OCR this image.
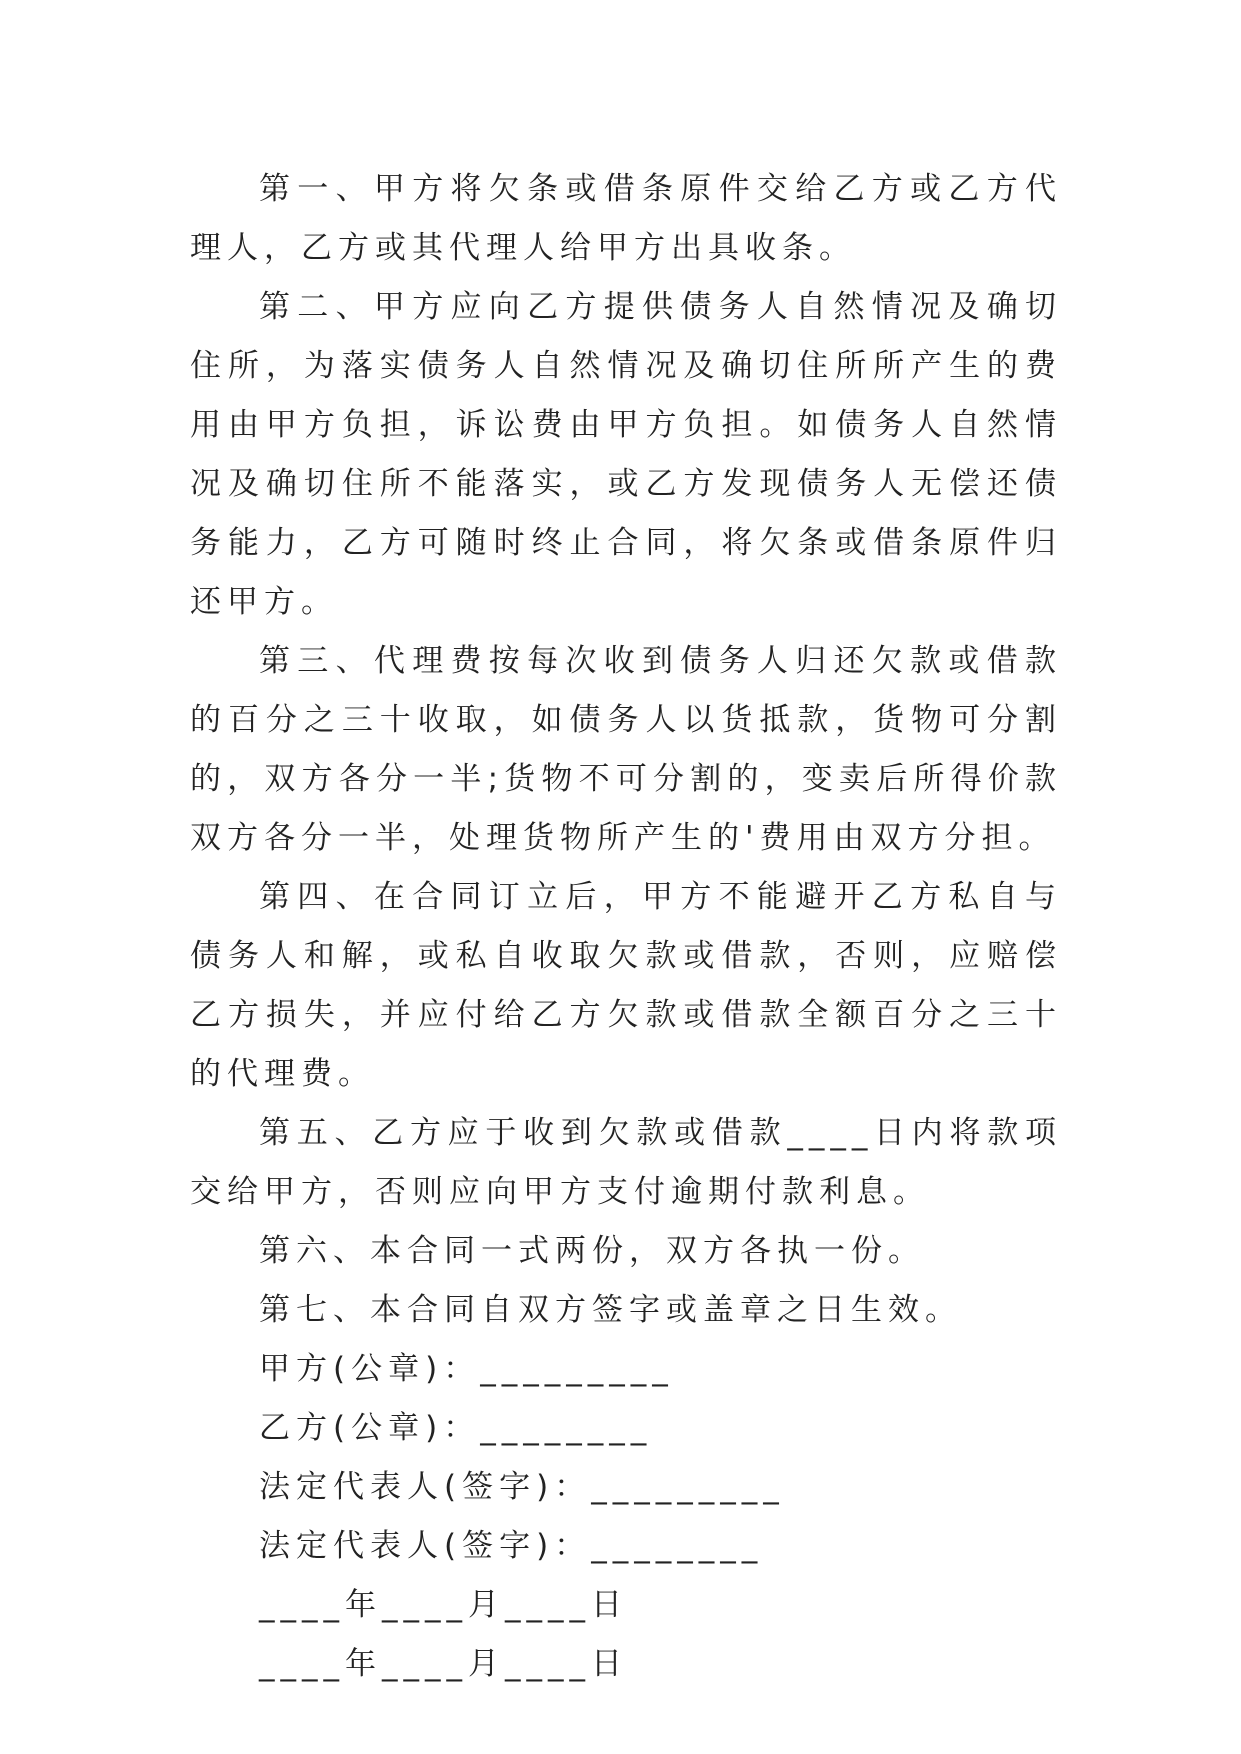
第一、甲方将欠条或借条原件交给乙方或乙方代理人，乙方或其代理人给甲方出具收条。

第二、甲方应向乙方提供债务人自然情况及确切住所，为落实债务人自然情况及确切住所所产生的费用由甲方负担，诉讼费由甲方负担。如债务人自然情况及确切住所不能落实，或乙方发现债务人无偿还债务能力，乙方可随时终止合同，将欠条或借条原件归还甲方。

第三、代理费按每次收到债务人归还欠款或借款的百分之三十收取，如债务人以货抵款，货物可分割的，双方各分一半;货物不可分割的，变卖后所得价款双方各分一半，处理货物所产生的'费用由双方分担。

第四、在合同订立后，甲方不能避开乙方私自与债务人和解，或私自收取欠款或借款，否则，应赔偿乙方损失，并应付给乙方欠款或借款全额百分之三十的代理费。

第五、乙方应于收到欠款或借款____日内将款项交给甲方，否则应向甲方支付逾期付款利息。

第六、本合同一式两份，双方各执一份。

第七、本合同自双方签字或盖章之日生效。

甲方(公章)：_________

乙方(公章)：________

法定代表人(签字)：_________

法定代表人(签字)：________

____年____月____日

____年____月____日
